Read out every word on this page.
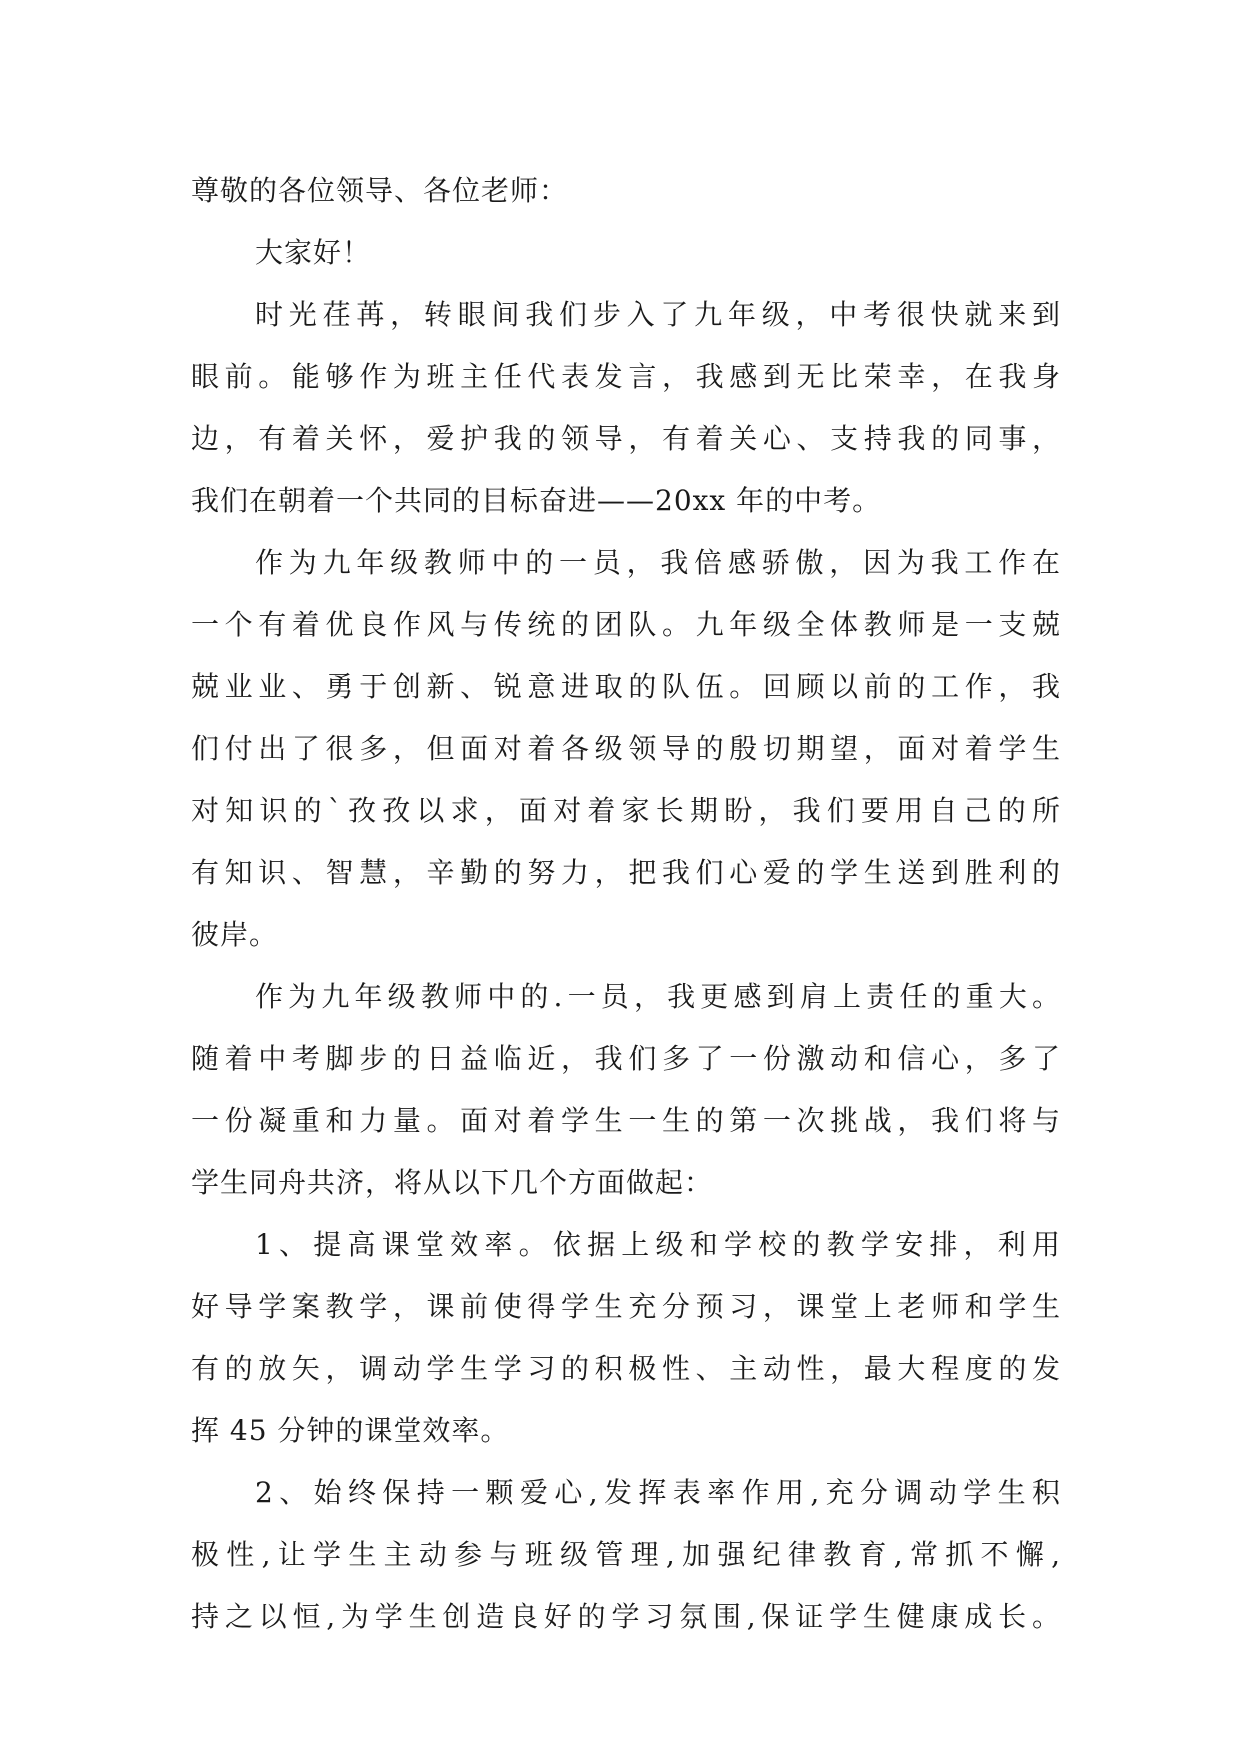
尊敬的各位领导、各位老师：
大家好！
时光荏苒，转眼间我们步入了九年级，中考很快就来到
眼前。能够作为班主任代表发言，我感到无比荣幸，在我身
边，有着关怀，爱护我的领导，有着关心、支持我的同事，
我们在朝着一个共同的目标奋进——20xx 年的中考。
作为九年级教师中的一员，我倍感骄傲，因为我工作在
一个有着优良作风与传统的团队。九年级全体教师是一支兢
兢业业、勇于创新、锐意进取的队伍。回顾以前的工作，我
们付出了很多，但面对着各级领导的殷切期望，面对着学生
对知识的`孜孜以求，面对着家长期盼，我们要用自己的所
有知识、智慧，辛勤的努力，把我们心爱的学生送到胜利的
彼岸。
作为九年级教师中的.一员，我更感到肩上责任的重大。
随着中考脚步的日益临近，我们多了一份激动和信心，多了
一份凝重和力量。面对着学生一生的第一次挑战，我们将与
学生同舟共济，将从以下几个方面做起：
1、提高课堂效率。依据上级和学校的教学安排，利用
好导学案教学，课前使得学生充分预习，课堂上老师和学生
有的放矢，调动学生学习的积极性、主动性，最大程度的发
挥 45 分钟的课堂效率。
2、始终保持一颗爱心,发挥表率作用,充分调动学生积
极性,让学生主动参与班级管理,加强纪律教育,常抓不懈,
持之以恒,为学生创造良好的学习氛围,保证学生健康成长。
